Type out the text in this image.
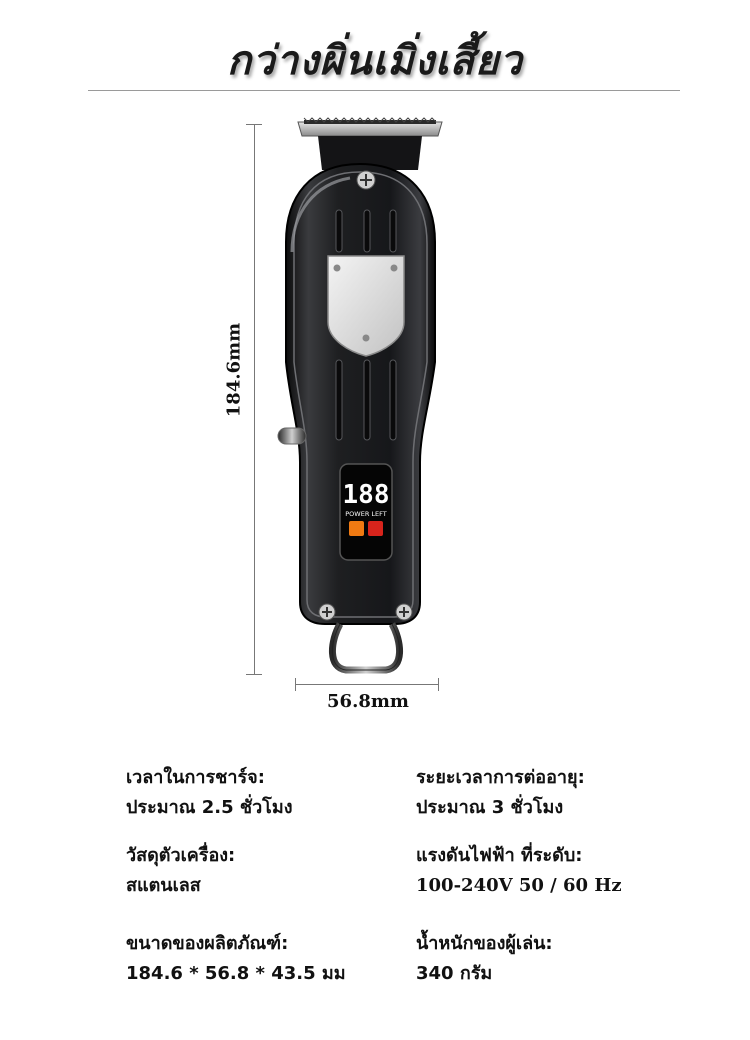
กว่างผิ่นเมิ่งเสี้ยว
184.6mm
56.8mm
188
POWER LEFT
เวลาในการชาร์จ:
ประมาณ 2.5 ชั่วโมง
ระยะเวลาการต่ออายุ:
ประมาณ 3 ชั่วโมง
วัสดุตัวเครื่อง:
สแตนเลส
แรงดันไฟฟ้า ที่ระดับ:
100-240V 50 / 60 Hz
ขนาดของผลิตภัณฑ์:
184.6 * 56.8 * 43.5 มม
น้ำหนักของผู้เล่น:
340 กรัม
